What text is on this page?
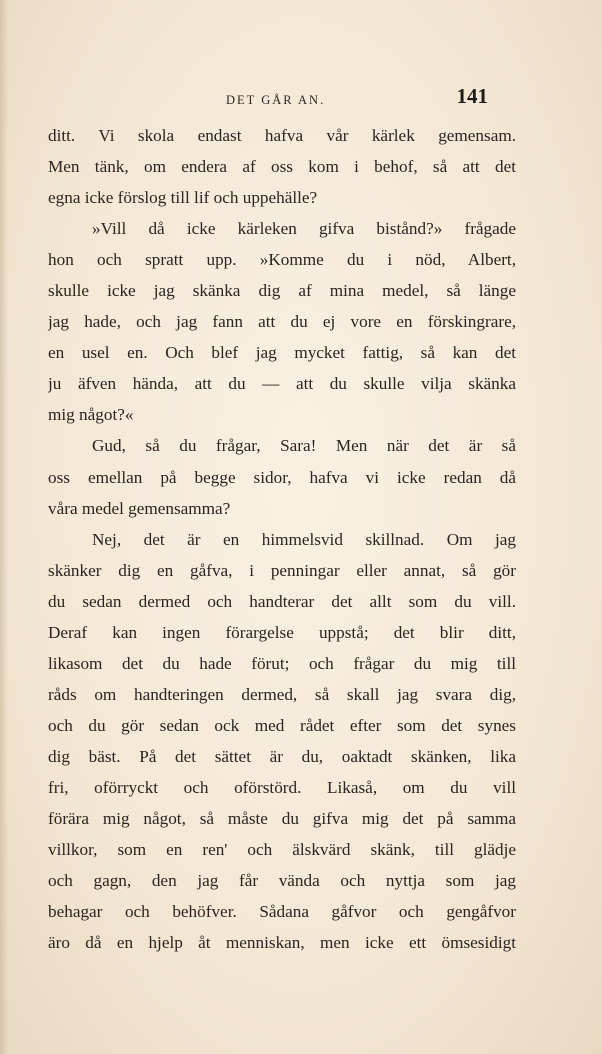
DET GÅR AN.	141
ditt. Vi skola endast hafva vår kärlek gemensam.
Men tänk, om endera af oss kom i behof, så att det
egna icke förslog till lif och uppehälle?
»Vill då icke kärleken gifva bistånd?» frågade
hon och spratt upp. »Komme du i nöd, Albert,
skulle icke jag skänka dig af mina medel, så länge
jag hade, och jag fann att du ej vore en förskingrare,
en usel en. Och blef jag mycket fattig, så kan det
ju äfven hända, att du — att du skulle vilja skänka
mig något?«
Gud, så du frågar, Sara! Men när det är så
oss emellan på begge sidor, hafva vi icke redan då
våra medel gemensamma?
Nej, det är en himmelsvid skillnad. Om jag
skänker dig en gåfva, i penningar eller annat, så gör
du sedan dermed och handterar det allt som du vill.
Deraf kan ingen förargelse uppstå; det blir ditt,
likasom det du hade förut; och frågar du mig till
råds om handteringen dermed, så skall jag svara dig,
och du gör sedan ock med rådet efter som det synes
dig bäst. På det sättet är du, oaktadt skänken, lika
fri, oförryckt och oförstörd. Likaså, om du vill
förära mig något, så måste du gifva mig det på samma
villkor, som en ren' och älskvärd skänk, till glädje
och gagn, den jag får vända och nyttja som jag
behagar och behöfver. Sådana gåfvor och gengåfvor
äro då en hjelp åt menniskan, men icke ett ömsesidigt
